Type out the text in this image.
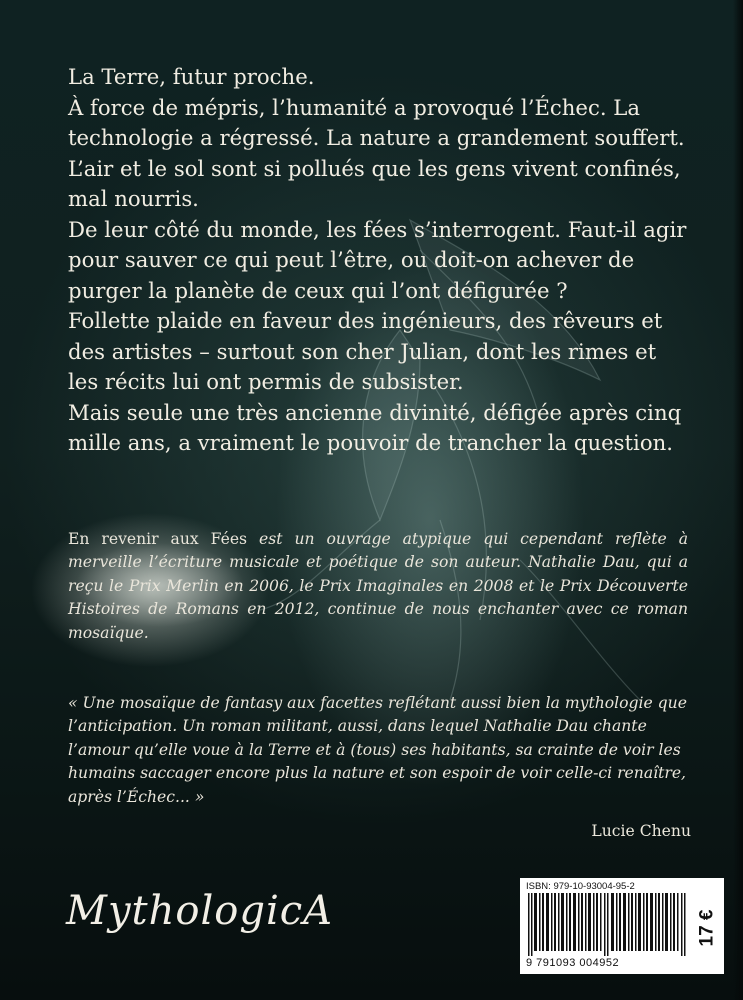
La Terre, futur proche.

À force de mépris, l’humanité a provoqué l’Échec. La technologie a régressé. La nature a grandement souffert. L’air et le sol sont si pollués que les gens vivent confinés, mal nourris.

De leur côté du monde, les fées s’interrogent. Faut-il agir pour sauver ce qui peut l’être, ou doit-on achever de purger la planète de ceux qui l’ont défigurée ?

Follette plaide en faveur des ingénieurs, des rêveurs et des artistes – surtout son cher Julian, dont les rimes et les récits lui ont permis de subsister.

Mais seule une très ancienne divinité, défigée après cinq mille ans, a vraiment le pouvoir de trancher la question.

En revenir aux Fées est un ouvrage atypique qui cependant reflète à merveille l’écriture musicale et poétique de son auteur. Nathalie Dau, qui a reçu le Prix Merlin en 2006, le Prix Imaginales en 2008 et le Prix Découverte Histoires de Romans en 2012, continue de nous enchanter avec ce roman mosaïque.
« Une mosaïque de fantasy aux facettes reflétant aussi bien la mythologie que l’anticipation. Un roman militant, aussi, dans lequel Nathalie Dau chante l’amour qu’elle voue à la Terre et à (tous) ses habitants, sa crainte de voir les humains saccager encore plus la nature et son espoir de voir celle-ci renaître, après l’Échec... »
Lucie Chenu
MythologicA
ISBN: 979-10-93004-95-2
9 791093 004952
17 €
